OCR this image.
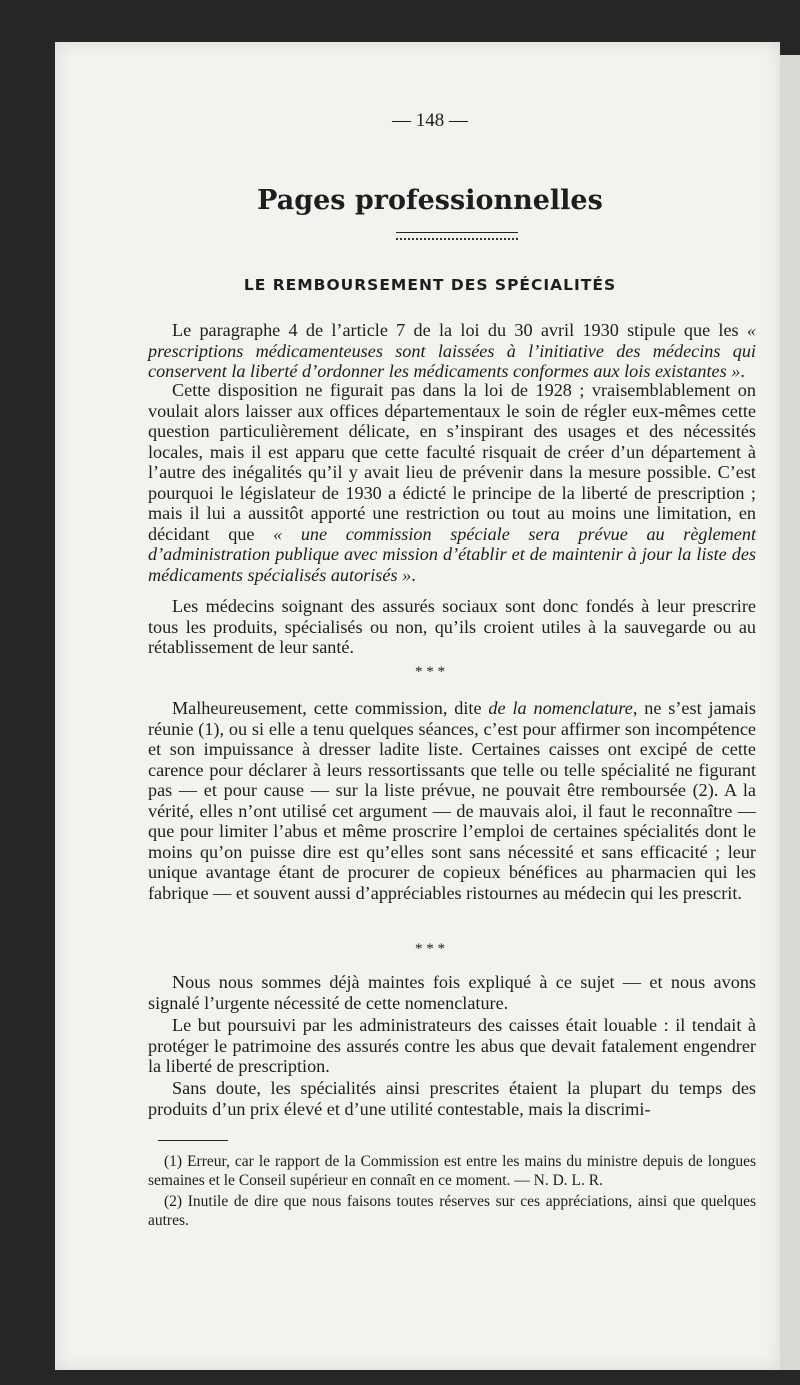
— 148 —
Pages professionnelles
LE REMBOURSEMENT DES SPÉCIALITÉS
Le paragraphe 4 de l’article 7 de la loi du 30 avril 1930 stipule que les « prescriptions médicamenteuses sont laissées à l’initiative des médecins qui conservent la liberté d’ordonner les médicaments conformes aux lois existantes ».
Cette disposition ne figurait pas dans la loi de 1928 ; vraisemblablement on voulait alors laisser aux offices départementaux le soin de régler eux-mêmes cette question particulièrement délicate, en s’inspirant des usages et des nécessités locales, mais il est apparu que cette faculté risquait de créer d’un département à l’autre des inégalités qu’il y avait lieu de prévenir dans la mesure possible. C’est pourquoi le législateur de 1930 a édicté le principe de la liberté de prescription ; mais il lui a aussitôt apporté une restriction ou tout au moins une limitation, en décidant que « une commission spéciale sera prévue au règlement d’administration publique avec mission d’établir et de maintenir à jour la liste des médicaments spécialisés autorisés ».
Les médecins soignant des assurés sociaux sont donc fondés à leur prescrire tous les produits, spécialisés ou non, qu’ils croient utiles à la sauvegarde ou au rétablissement de leur santé.
* * *
Malheureusement, cette commission, dite de la nomenclature, ne s’est jamais réunie (1), ou si elle a tenu quelques séances, c’est pour affirmer son incompétence et son impuissance à dresser ladite liste. Certaines caisses ont excipé de cette carence pour déclarer à leurs ressortissants que telle ou telle spécialité ne figurant pas — et pour cause — sur la liste prévue, ne pouvait être remboursée (2). A la vérité, elles n’ont utilisé cet argument — de mauvais aloi, il faut le reconnaître — que pour limiter l’abus et même proscrire l’emploi de certaines spécialités dont le moins qu’on puisse dire est qu’elles sont sans nécessité et sans efficacité ; leur unique avantage étant de procurer de copieux bénéfices au pharmacien qui les fabrique — et souvent aussi d’appréciables ristournes au médecin qui les prescrit.
* * *
Nous nous sommes déjà maintes fois expliqué à ce sujet — et nous avons signalé l’urgente nécessité de cette nomenclature.
Le but poursuivi par les administrateurs des caisses était louable : il tendait à protéger le patrimoine des assurés contre les abus que devait fatalement engendrer la liberté de prescription.
Sans doute, les spécialités ainsi prescrites étaient la plupart du temps des produits d’un prix élevé et d’une utilité contestable, mais la discrimi-
(1) Erreur, car le rapport de la Commission est entre les mains du ministre depuis de longues semaines et le Conseil supérieur en connaît en ce moment. — N. D. L. R.
(2) Inutile de dire que nous faisons toutes réserves sur ces appréciations, ainsi que quelques autres.
